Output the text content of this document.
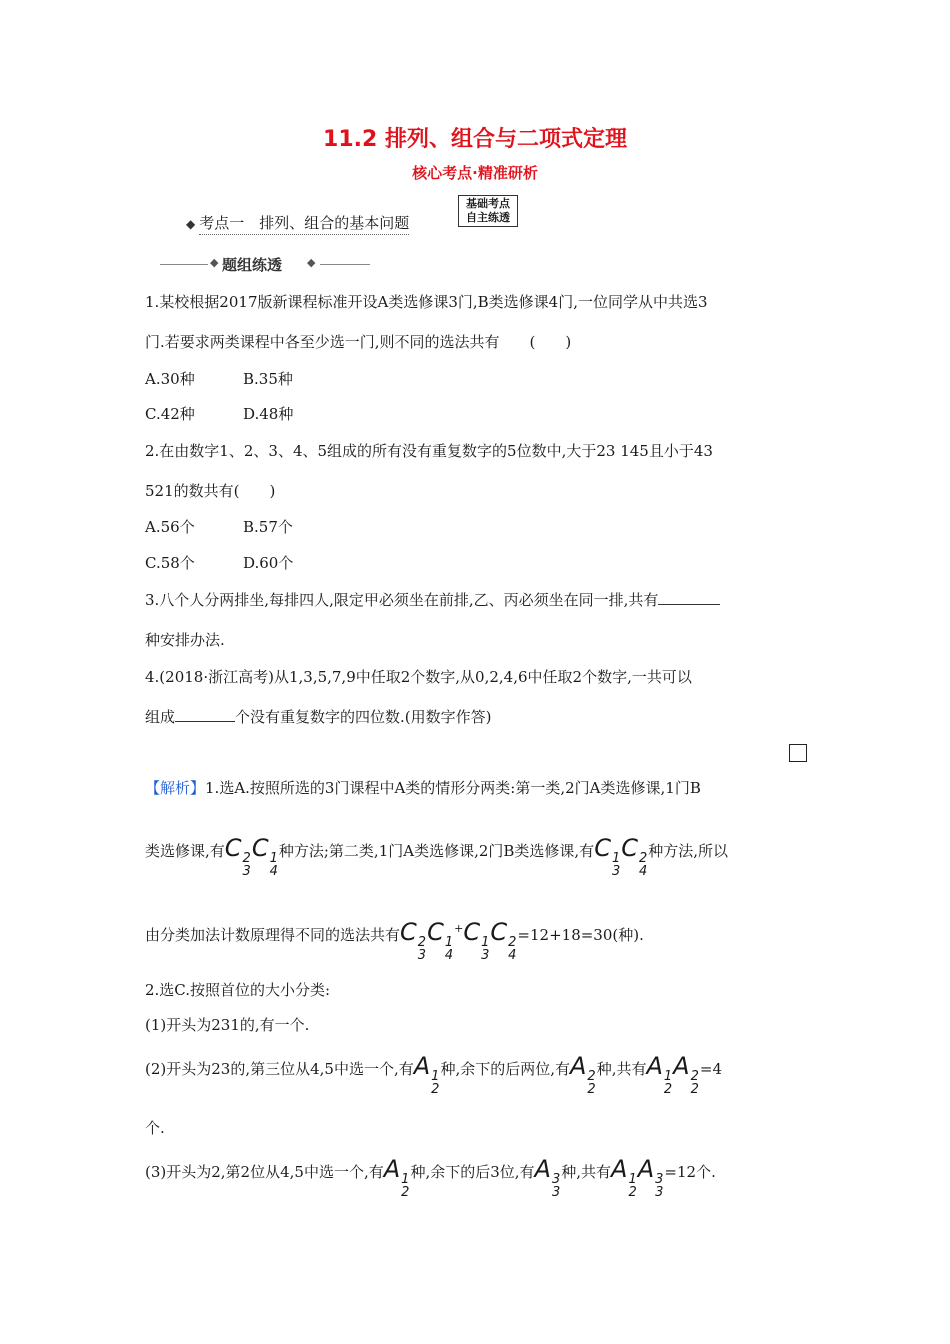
11.2 排列、组合与二项式定理
核心考点·精准研析
◆ 考点一　排列、组合的基本问题
基础考点
自主练透
◆ 题组练透 ◆
1.某校根据2017版新课程标准开设A类选修课3门,B类选修课4门,一位同学从中共选3
门.若要求两类课程中各至少选一门,则不同的选法共有　　(　　)
A.30种	B.35种
C.42种	D.48种
2.在由数字1、2、3、4、5组成的所有没有重复数字的5位数中,大于23 145且小于43
521的数共有(　　)
A.56个	B.57个
C.58个	D.60个
3.八个人分两排坐,每排四人,限定甲必须坐在前排,乙、丙必须坐在同一排,共有
种安排办法.
4.(2018·浙江高考)从1,3,5,7,9中任取2个数字,从0,2,4,6中任取2个数字,一共可以
组成	个没有重复数字的四位数.(用数字作答)
【解析】1.选A.按照所选的3门课程中A类的情形分两类:第一类,2门A类选修课,1门B
类选修课,有C 2
3
C 1
4
种方法;第二类,1门A类选修课,2门B类选修课,有C 1
3
C 2
4
种方法,所以
由分类加法计数原理得不同的选法共有C 2
3
C 1
4
+C 1
3
C 2
4
=12+18=30(种).
2.选C.按照首位的大小分类:
(1)开头为231的,有一个.
(2)开头为23的,第三位从4,5中选一个,有A 1
2
种,余下的后两位,有A 2
2
种,共有A 1
2
A 2
2
=4
个.
(3)开头为2,第2位从4,5中选一个,有A 1
2
种,余下的后3位,有A 3
3
种,共有A 1
2
A 3
3
=12个.
